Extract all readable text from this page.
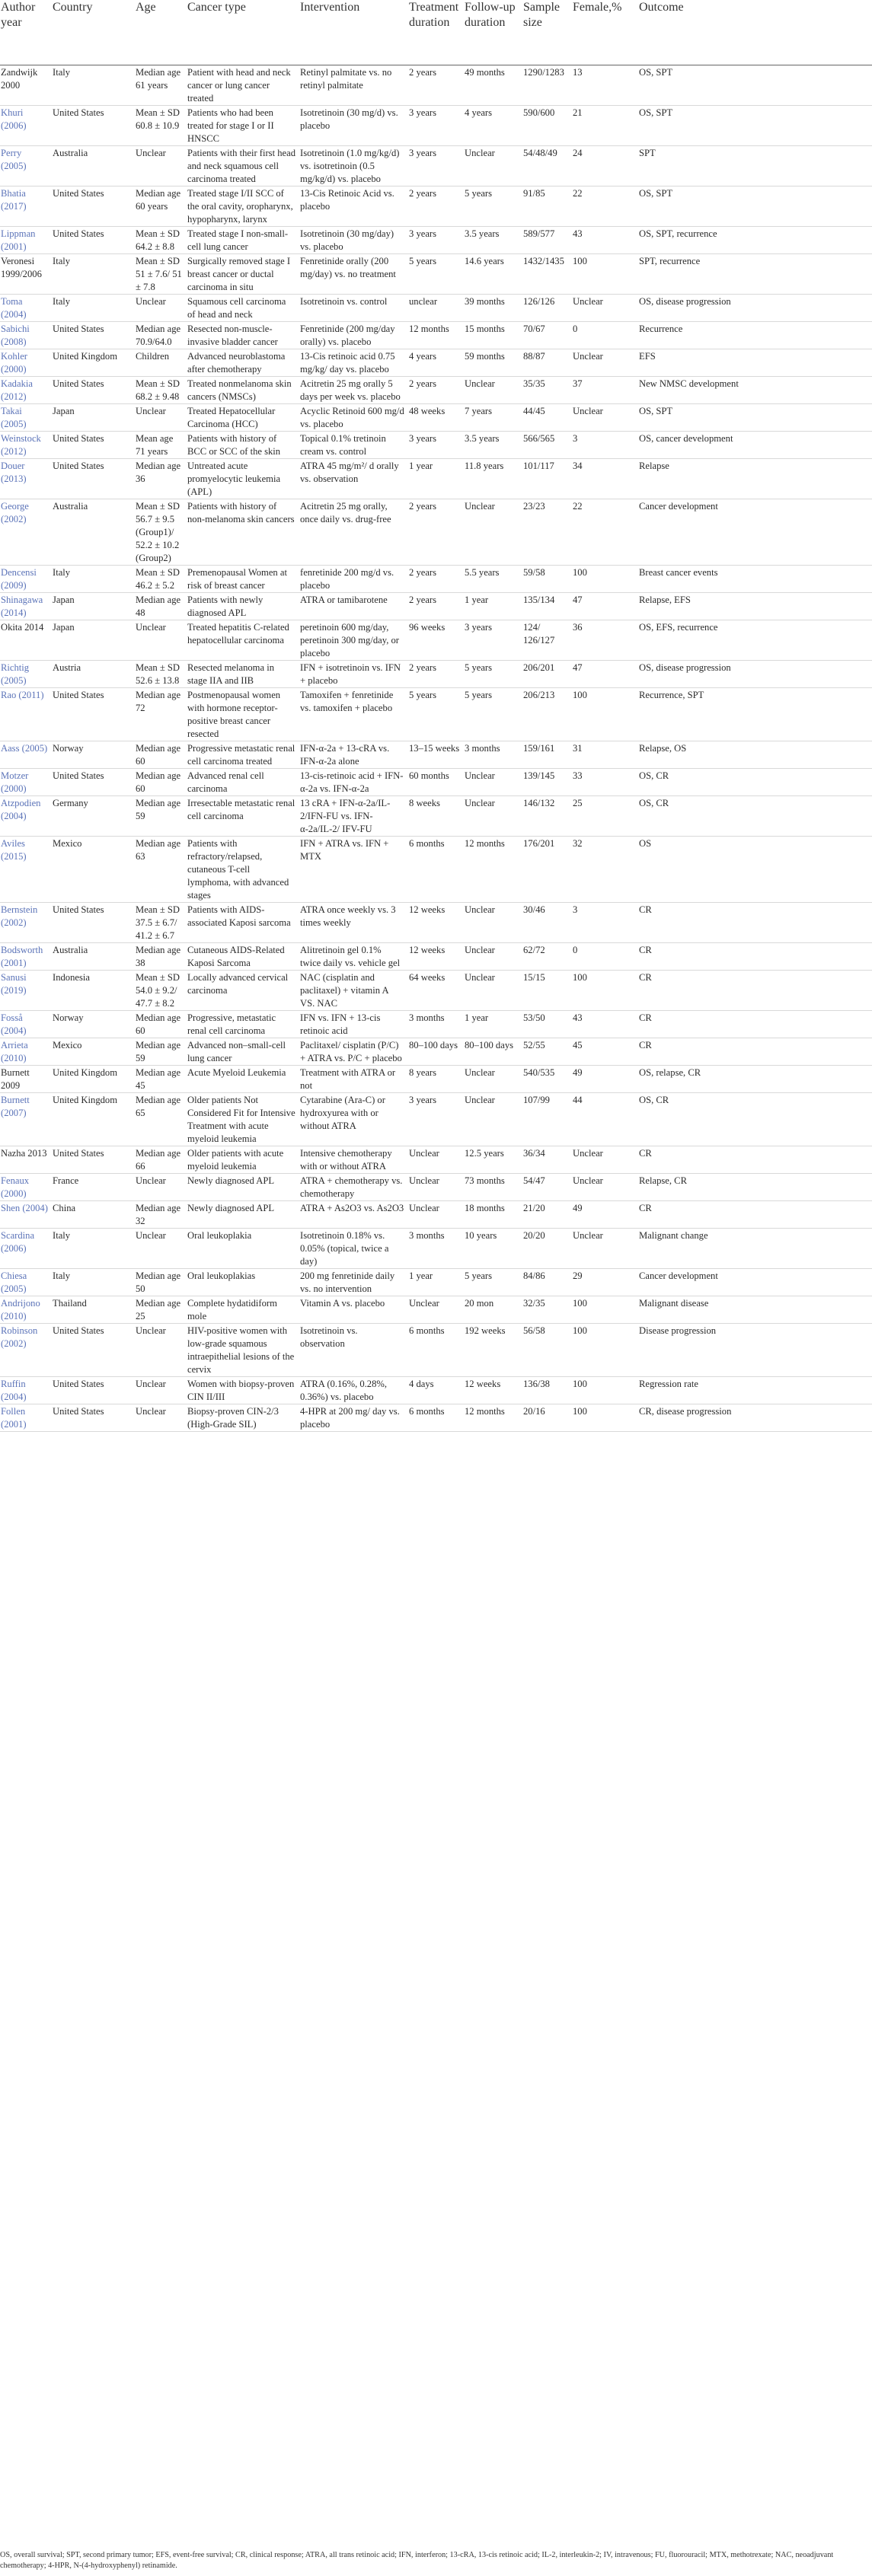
Author year	Country	Age	Cancer type	Intervention	Treatment duration	Follow-up duration	Sample size	Female,%	Outcome
Zandwijk 2000	Italy	Median age 61 years	Patient with head and neck cancer or lung cancer treated	Retinyl palmitate vs. no retinyl palmitate	2 years	49 months	1290/1283	13	OS, SPT
Khuri (2006)	United States	Mean ± SD 60.8 ± 10.9	Patients who had been treated for stage I or II HNSCC	Isotretinoin (30 mg/d) vs. placebo	3 years	4 years	590/600	21	OS, SPT
Perry (2005)	Australia	Unclear	Patients with their first head and neck squamous cell carcinoma treated	Isotretinoin (1.0 mg/kg/d) vs. isotretinoin (0.5 mg/kg/d) vs. placebo	3 years	Unclear	54/48/49	24	SPT
Bhatia (2017)	United States	Median age 60 years	Treated stage I/II SCC of the oral cavity, oropharynx, hypopharynx, larynx	13-Cis Retinoic Acid vs. placebo	2 years	5 years	91/85	22	OS, SPT
Lippman (2001)	United States	Mean ± SD 64.2 ± 8.8	Treated stage I non-small-cell lung cancer	Isotretinoin (30 mg/day) vs. placebo	3 years	3.5 years	589/577	43	OS, SPT, recurrence
Veronesi 1999/2006	Italy	Mean ± SD 51 ± 7.6/ 51 ± 7.8	Surgically removed stage I breast cancer or ductal carcinoma in situ	Fenretinide orally (200 mg/day) vs. no treatment	5 years	14.6 years	1432/1435	100	SPT, recurrence
Toma (2004)	Italy	Unclear	Squamous cell carcinoma of head and neck	Isotretinoin vs. control	unclear	39 months	126/126	Unclear	OS, disease progression
Sabichi (2008)	United States	Median age 70.9/64.0	Resected non-muscle-invasive bladder cancer	Fenretinide (200 mg/day orally) vs. placebo	12 months	15 months	70/67	0	Recurrence
Kohler (2000)	United Kingdom	Children	Advanced neuroblastoma after chemotherapy	13-Cis retinoic acid 0.75 mg/kg/ day vs. placebo	4 years	59 months	88/87	Unclear	EFS
Kadakia (2012)	United States	Mean ± SD 68.2 ± 9.48	Treated nonmelanoma skin cancers (NMSCs)	Acitretin 25 mg orally 5 days per week vs. placebo	2 years	Unclear	35/35	37	New NMSC development
Takai (2005)	Japan	Unclear	Treated Hepatocellular Carcinoma (HCC)	Acyclic Retinoid 600 mg/d vs. placebo	48 weeks	7 years	44/45	Unclear	OS, SPT
Weinstock (2012)	United States	Mean age 71 years	Patients with history of BCC or SCC of the skin	Topical 0.1% tretinoin cream vs. control	3 years	3.5 years	566/565	3	OS, cancer development
Douer (2013)	United States	Median age 36	Untreated acute promyelocytic leukemia (APL)	ATRA 45 mg/m²/ d orally vs. observation	1 year	11.8 years	101/117	34	Relapse
George (2002)	Australia	Mean ± SD 56.7 ± 9.5 (Group1)/ 52.2 ± 10.2 (Group2)	Patients with history of non-melanoma skin cancers	Acitretin 25 mg orally, once daily vs. drug-free	2 years	Unclear	23/23	22	Cancer development
Dencensi (2009)	Italy	Mean ± SD 46.2 ± 5.2	Premenopausal Women at risk of breast cancer	fenretinide 200 mg/d vs. placebo	2 years	5.5 years	59/58	100	Breast cancer events
Shinagawa (2014)	Japan	Median age 48	Patients with newly diagnosed APL	ATRA or tamibarotene	2 years	1 year	135/134	47	Relapse, EFS
Okita 2014	Japan	Unclear	Treated hepatitis C-related hepatocellular carcinoma	peretinoin 600 mg/day, peretinoin 300 mg/day, or placebo	96 weeks	3 years	124/ 126/127	36	OS, EFS, recurrence
Richtig (2005)	Austria	Mean ± SD 52.6 ± 13.8	Resected melanoma in stage IIA and IIB	IFN + isotretinoin vs. IFN + placebo	2 years	5 years	206/201	47	OS, disease progression
Rao (2011)	United States	Median age 72	Postmenopausal women with hormone receptor-positive breast cancer resected	Tamoxifen + fenretinide vs. tamoxifen + placebo	5 years	5 years	206/213	100	Recurrence, SPT
Aass (2005)	Norway	Median age 60	Progressive metastatic renal cell carcinoma treated	IFN-α-2a + 13-cRA vs. IFN-α-2a alone	13–15 weeks	3 months	159/161	31	Relapse, OS
Motzer (2000)	United States	Median age 60	Advanced renal cell carcinoma	13-cis-retinoic acid + IFN-α-2a vs. IFN-α-2a	60 months	Unclear	139/145	33	OS, CR
Atzpodien (2004)	Germany	Median age 59	Irresectable metastatic renal cell carcinoma	13 cRA + IFN-α-2a/IL-2/IFN-FU vs. IFN-α-2a/IL-2/ IFV-FU	8 weeks	Unclear	146/132	25	OS, CR
Aviles (2015)	Mexico	Median age 63	Patients with refractory/relapsed, cutaneous T-cell lymphoma, with advanced stages	IFN + ATRA vs. IFN + MTX	6 months	12 months	176/201	32	OS
Bernstein (2002)	United States	Mean ± SD 37.5 ± 6.7/ 41.2 ± 6.7	Patients with AIDS-associated Kaposi sarcoma	ATRA once weekly vs. 3 times weekly	12 weeks	Unclear	30/46	3	CR
Bodsworth (2001)	Australia	Median age 38	Cutaneous AIDS-Related Kaposi Sarcoma	Alitretinoin gel 0.1% twice daily vs. vehicle gel	12 weeks	Unclear	62/72	0	CR
Sanusi (2019)	Indonesia	Mean ± SD 54.0 ± 9.2/ 47.7 ± 8.2	Locally advanced cervical carcinoma	NAC (cisplatin and paclitaxel) + vitamin A VS. NAC	64 weeks	Unclear	15/15	100	CR
Fosså (2004)	Norway	Median age 60	Progressive, metastatic renal cell carcinoma	IFN vs. IFN + 13-cis retinoic acid	3 months	1 year	53/50	43	CR
Arrieta (2010)	Mexico	Median age 59	Advanced non–small-cell lung cancer	Paclitaxel/ cisplatin (P/C) + ATRA vs. P/C + placebo	80–100 days	80–100 days	52/55	45	CR
Burnett 2009	United Kingdom	Median age 45	Acute Myeloid Leukemia	Treatment with ATRA or not	8 years	Unclear	540/535	49	OS, relapse, CR
Burnett (2007)	United Kingdom	Median age 65	Older patients Not Considered Fit for Intensive Treatment with acute myeloid leukemia	Cytarabine (Ara-C) or hydroxyurea with or without ATRA	3 years	Unclear	107/99	44	OS, CR
Nazha 2013	United States	Median age 66	Older patients with acute myeloid leukemia	Intensive chemotherapy with or without ATRA	Unclear	12.5 years	36/34	Unclear	CR
Fenaux (2000)	France	Unclear	Newly diagnosed APL	ATRA + chemotherapy vs. chemotherapy	Unclear	73 months	54/47	Unclear	Relapse, CR
Shen (2004)	China	Median age 32	Newly diagnosed APL	ATRA + As2O3 vs. As2O3	Unclear	18 months	21/20	49	CR
Scardina (2006)	Italy	Unclear	Oral leukoplakia	Isotretinoin 0.18% vs. 0.05% (topical, twice a day)	3 months	10 years	20/20	Unclear	Malignant change
Chiesa (2005)	Italy	Median age 50	Oral leukoplakias	200 mg fenretinide daily vs. no intervention	1 year	5 years	84/86	29	Cancer development
Andrijono (2010)	Thailand	Median age 25	Complete hydatidiform mole	Vitamin A vs. placebo	Unclear	20 mon	32/35	100	Malignant disease
Robinson (2002)	United States	Unclear	HIV-positive women with low-grade squamous intraepithelial lesions of the cervix	Isotretinoin vs. observation	6 months	192 weeks	56/58	100	Disease progression
Ruffin (2004)	United States	Unclear	Women with biopsy-proven CIN II/III	ATRA (0.16%, 0.28%, 0.36%) vs. placebo	4 days	12 weeks	136/38	100	Regression rate
Follen (2001)	United States	Unclear	Biopsy-proven CIN-2/3 (High-Grade SIL)	4-HPR at 200 mg/ day vs. placebo	6 months	12 months	20/16	100	CR, disease progression
OS, overall survival; SPT, second primary tumor; EFS, event-free survival; CR, clinical response; ATRA, all trans retinoic acid; IFN, interferon; 13-cRA, 13-cis retinoic acid; IL-2, interleukin-2; IV, intravenous; FU, fluorouracil; MTX, methotrexate; NAC, neoadjuvant chemotherapy; 4-HPR, N-(4-hydroxyphenyl) retinamide.
